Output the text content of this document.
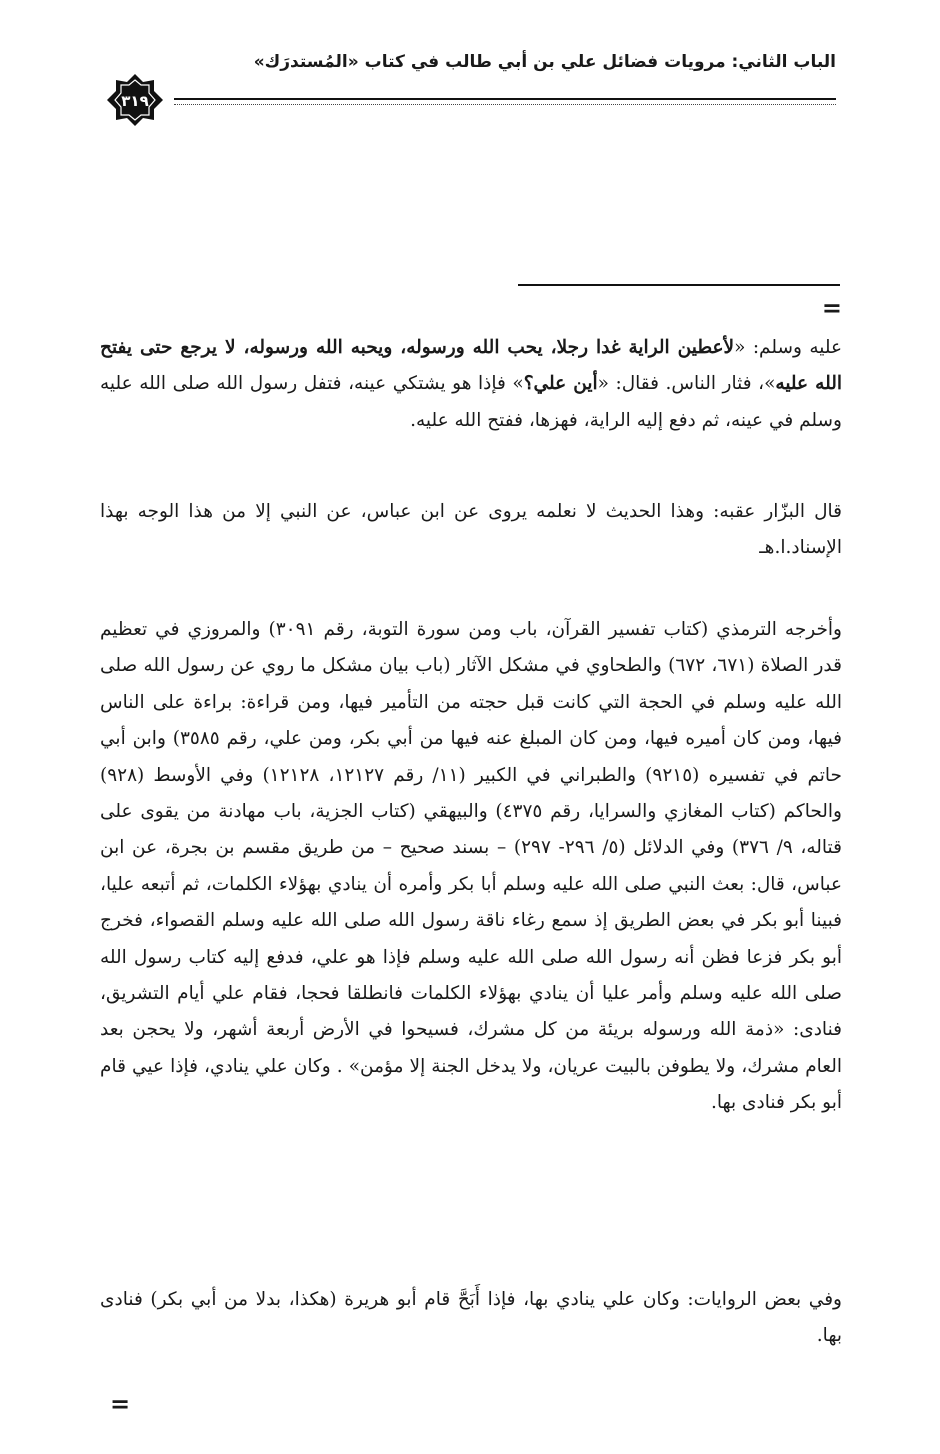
الباب الثاني: مرويات فضائل علي بن أبي طالب في كتاب «المُستدرَك»
٣١٩
=
عليه وسلم: «لأعطين الراية غدا رجلا، يحب الله ورسوله، ويحبه الله ورسوله، لا يرجع حتى يفتح الله عليه»، فثار الناس. فقال: «أين علي؟» فإذا هو يشتكي عينه، فتفل رسول الله صلى الله عليه وسلم في عينه، ثم دفع إليه الراية، فهزها، ففتح الله عليه.
قال البزّار عقبه: وهذا الحديث لا نعلمه يروى عن ابن عباس، عن النبي إلا من هذا الوجه بهذا الإسناد.ا.هـ
وأخرجه الترمذي (كتاب تفسير القرآن، باب ومن سورة التوبة، رقم ٣٠٩١) والمروزي في تعظيم قدر الصلاة (٦٧١، ٦٧٢) والطحاوي في مشكل الآثار (باب بيان مشكل ما روي عن رسول الله صلى الله عليه وسلم في الحجة التي كانت قبل حجته من التأمير فيها، ومن قراءة: براءة على الناس فيها، ومن كان أميره فيها، ومن كان المبلغ عنه فيها من أبي بكر، ومن علي، رقم ٣٥٨٥) وابن أبي حاتم في تفسيره (٩٢١٥) والطبراني في الكبير (١١/ رقم ١٢١٢٧، ١٢١٢٨) وفي الأوسط (٩٢٨) والحاكم (كتاب المغازي والسرايا، رقم ٤٣٧٥) والبيهقي (كتاب الجزية، باب مهادنة من يقوى على قتاله، ٩/ ٣٧٦) وفي الدلائل (٥/ ٢٩٦- ٢٩٧) – بسند صحيح – من طريق مقسم بن بجرة، عن ابن عباس، قال: بعث النبي صلى الله عليه وسلم أبا بكر وأمره أن ينادي بهؤلاء الكلمات، ثم أتبعه عليا، فبينا أبو بكر في بعض الطريق إذ سمع رغاء ناقة رسول الله صلى الله عليه وسلم القصواء، فخرج أبو بكر فزعا فظن أنه رسول الله صلى الله عليه وسلم فإذا هو علي، فدفع إليه كتاب رسول الله صلى الله عليه وسلم وأمر عليا أن ينادي بهؤلاء الكلمات فانطلقا فحجا، فقام علي أيام التشريق، فنادى: «ذمة الله ورسوله بريئة من كل مشرك، فسيحوا في الأرض أربعة أشهر، ولا يحجن بعد العام مشرك، ولا يطوفن بالبيت عريان، ولا يدخل الجنة إلا مؤمن» . وكان علي ينادي، فإذا عيي قام أبو بكر فنادى بها.
وفي بعض الروايات: وكان علي ينادي بها، فإذا أَبَحَّ قام أبو هريرة (هكذا، بدلا من أبي بكر) فنادى بها.
=
